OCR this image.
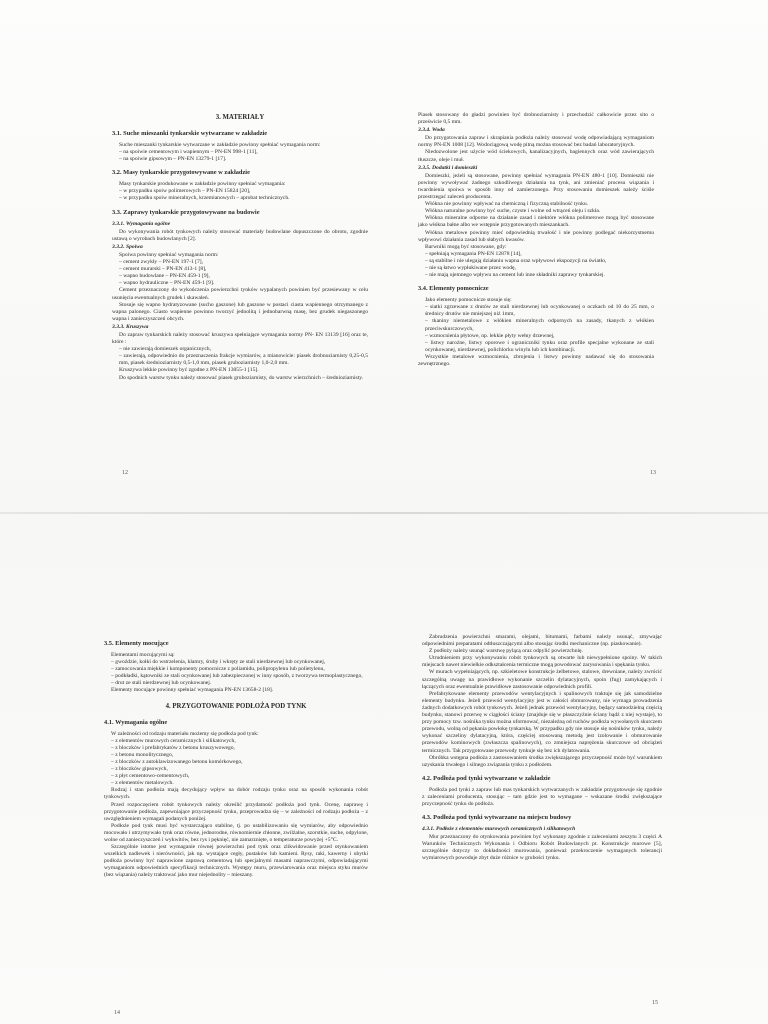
3. MATERIAŁY
3.1. Suche mieszanki tynkarskie wytwarzane w zakładzie

Suche mieszanki tynkarskie wytwarzane w zakładzie powinny spełniać wymagania norm:

– na spoiwie cementowym i wapiennym – PN-EN 998-1 [11],
– na spoiwie gipsowym – PN-EN 13279-1 [17].
3.2. Masy tynkarskie przygotowywane w zakładzie

Masy tynkarskie produkowane w zakładzie powinny spełniać wymagania:

– w przypadku spoiw polimerowych – PN-EN 15824 [20],
– w przypadku spoiw mineralnych, krzemianowych – aprobat technicznych.
3.3. Zaprawy tynkarskie przygotowywane na budowie
3.3.1. Wymagania ogólne

Do wykonywania robót tynkowych należy stosować materiały budowlane dopuszczone do obrotu, zgodnie ustawą o wyrobach budowlanych [2].

3.3.2. Spoiwa

Spoiwa powinny spełniać wymagania norm:

– cement zwykły – PN-EN 197-1 [7],
– cement murarski – PN-EN 413-1 [8],
– wapno budowlane – PN-EN 459-1 [9],
– wapno hydrauliczne – PN-EN 459-1 [9].

Cement przeznaczony do wykończenia powierzchni tynków wypalanych powinien być przesiewany w celu usunięcia ewentualnych grudek i skawaleń.

Stosuje się wapno hydratyzowane (sucho gaszone) lub gaszone w postaci ciasta wapiennego otrzymanego z wapna palonego. Ciasto wapienne powinno tworzyć jednolitą i jednobarwną masę, bez grudek niegaszonego wapna i zanieczyszczeń obcych.

3.3.3. Kruszywa

Do zapraw tynkarskich należy stosować kruszywa spełniające wymagania normy PN- EN 13139 [16] oraz te, które :

– nie zawierają domieszek organicznych,
– zawierają, odpowiednio do przeznaczenia frakcje wymiarów, a mianowicie: piasek drobnoziarnisty 0,25-0,5 mm, piasek średnioziarnisty 0,5-1,0 mm, piasek gruboziarnisty 1,0-2,0 mm.

Kruszywa lekkie powinny być zgodne z PN-EN 13055-1 [15].

Do spodnich warstw tynku należy stosować piasek gruboziarnisty, do warstw wierzchnich – średnioziarnisty.

12

Piasek stosowany do gładzi powinien być drobnoziarnisty i przechodzić całkowicie przez sito o prześwicie 0,5 mm.

3.3.4. Woda

Do przygotowania zapraw i skrapiania podłoża należy stosować wodę odpowiadającą wymaganiom normy PN-EN 1008 [12]. Wodociągową wodę pitną można stosować bez badań laboratoryjnych.

Niedozwolone jest użycie wód ściekowych, kanalizacyjnych, bagiennych oraz wód zawierających tłuszcze, oleje i muł.

3.3.5. Dodatki i domieszki

Domieszki, jeżeli są stosowane, powinny spełniać wymagania PN-EN 480-1 [10]. Domieszki nie powinny wywoływać żadnego szkodliwego działania na tynk, ani zmieniać procesu wiązania i twardnienia spoiwa w sposób inny od zamierzonego. Przy stosowaniu domieszek należy ściśle przestrzegać zaleceń producenta.

Włókna nie powinny wpływać na chemiczną i fizyczną stabilność tynku.

Włókna naturalne powinny być suche, czyste i wolne od wtrąceń oleju i szkła.

Włókna mineralne odporne na działanie zasad i niektóre włókna polimerowe mogą być stosowane jako włókna bałne albo we wstępnie przygotowanych mieszankach.

Włókna metalowe powinny mieć odpowiednią trwałość i nie powinny podlegać niekorzystnemu wpływowi działania zasad lub słabych kwasów.

Barwniki mogą być stosowane, gdy:

– spełniają wymagania PN-EN 12878 [14],
– są stabilne i nie ulegają działaniu wapna oraz wpływowi ekspozycji na światło,
– nie są łatwo wypłukiwane przez wodę,
– nie mają ujemnego wpływu na cement lub inne składniki zaprawy tynkarskiej.
3.4. Elementy pomocnicze

Jako elementy pomocnicze stosuje się:

– siatki zgrzewane z drutów ze stali nierdzewnej lub ocynkowanej o oczkach od 10 do 25 mm, o średnicy drutów nie mniejszej niż 1mm,
– tkaniny niemetalowe z włókien mineralnych odpornych na zasady, tkanych z włókien przeciwskurczowych,
– wzmocnienia płytowe, np. lekkie płyty wełny drzewnej,
– listwy narożne, listwy oporowe i ograniczniki tynku oraz profile specjalne wykonane ze stali ocynkowanej, nierdzewnej, polichlorku winylu lub ich kombinacji.

Wszystkie metalowe wzmocnienia, zbrojenia i listwy powinny nadawać się do stosowania zewnętrznego.

13
3.5. Elementy mocujące

Elementami mocującymi są:

– gwoździe, kołki do wstrzelenia, klamry, śruby i wkręty ze stali nierdzewnej lub ocynkowanej,
– zamocowania miękkie i komponenty pomocnicze z poliamidu, polipropylenu lub polietylenu,
– podkładki, kątowniki ze stali ocynkowanej lub zabezpieczonej w inny sposób, z tworzywa termoplastycznego,
– drut ze stali nierdzewnej lub ocynkowanej.

Elementy mocujące powinny spełniać wymagania PN-EN 13658-2 [18].

4. PRZYGOTOWANIE PODŁOŻA POD TYNK
4.1. Wymagania ogólne

W zależności od rodzaju materiału możemy się podłoża pod tynk:

– z elementów murowych ceramicznych i silikatowych,
– z bloczków i prefabrykatów z betonu kruszywowego,
– z betonu monolitycznego,
– z bloczków z autoklawizowanego betonu komórkowego,
– z bloczków gipsowych,
– z płyt cementowo-cementowych,
– z elementów metalowych.

Rodzaj i stan podłoża mają decydujący wpływ na dobór rodzaju tynku oraz na sposób wykonania robót tynkowych.

Przed rozpoczęciem robót tynkowych należy określić przydatność podłoża pod tynk. Ocenę, naprawę i przygotowanie podłoża, zapewniające przyczepność tynku, przeprowadza się – w zależności od rodzaju podłoża – z uwzględnieniem wymagań podanych poniżej.

Podłoże pod tynk musi być wystarczająco stabilne, tj. po ustabilizowaniu się wymiarów, aby odpowiednio mocowało i utrzymywało tynk oraz równe, jednorodne, równomiernie chłonne, zwilżalne, szorstkie, suche, odpylone, wolne od zanieczyszczeń i wykwitów, bez rys i pęknięć, nie zamarznięte, o temperaturze powyżej +5°C.

Szczególnie istotne jest wymaganie równej powierzchni pod tynk oraz zlikwidowanie przed otynkowaniem wszelkich nadlewek i nierówności, jak np. wystające cegły, pustaków lub kamieni. Rysy, raki, kawerny i ubytki podłoża powinny być naprawione zaprawą cementową lub specjalnymi masami naprawczymi, odpowiadającymi wymaganiom odpowiednich specyfikacji technicznych. Występy muru, przewiarowania oraz miejsca styku murów (bez wiązania) należy traktować jako mur niejednolity – mieszany.

14

Zabrudzenia powierzchni smarami, olejami, bitumami, farbami należy usunąć, zmywając odpowiednimi preparatami odtłuszczającymi albo stosując środki mechaniczne (np. piaskowanie).

Z podłoży należy usunąć warstwę pylącą oraz odpylić powierzchnię.

Utrudnieniem przy wykonywaniu robót tynkowych są otwarte lub niewypełnione spoiny. W takich miejscach nawet niewielkie odkształcenia termiczne mogą powodować zarysowania i spękania tynku.

W murach wypełniających, np. szkieletowe konstrukcje żelbetowe, stalowe, drewniane, należy zwrócić szczególną uwagę na prawidłowe wykonanie szczelin dylatacyjnych, spoin (fug) zamykających i łączących oraz ewentualnie prawidłowe zastosowanie odpowiednich profili.

Prefabrykowane elementy przewodów wentylacyjnych i spalinowych traktuje się jak samodzielne elementy budynku. Jeżeli przewód wentylacyjny jest w całości obmurowany, nie wymaga prowadzenia żadnych dodatkowych robót tynkowych. Jeżeli jednak przewód wentylacyjny, będący samodzielną częścią budynku, stanowi przerwę w ciągłości ściany (znajduje się w płaszczyźnie ściany bądź z niej wystaje), to przy pomocy tzw. nośnika tynku można uformować, niezależną od ruchów podłoża wywołanych skurczem przewodu, wolną od pękania powłokę tynkarską. W przypadku gdy nie stosuje się nośników tynku, należy wykonać szczeliny dylatacyjną, która, częściej stosowaną metodą jest izolowanie i obmurowanie przewodów kominowych (zwłaszcza spalinowych), co zmniejsza naprężenia skurczowe od obciążeń termicznych. Tak przygotowane przewody tynkuje się bez ich dylatowania.

Obróbka wstępna podłoża z zastosowaniem środka zwiększającego przyczepność może być warunkiem uzyskania trwałego i silnego związania tynku z podłożem.

4.2. Podłoża pod tynki wytwarzane w zakładzie

Podłoża pod tynki z zapraw lub mas tynkarskich wytwarzanych w zakładzie przygotowuje się zgodnie z zaleceniami producenta, stosując – tam gdzie jest to wymagane – wskazane środki zwiększające przyczepność tynku do podłoża.

4.3. Podłoża pod tynki wytwarzane na miejscu budowy
4.3.1. Podłoże z elementów murowych ceramicznych i silikatowych

Mur przeznaczony do otynkowania powinien być wykonany zgodnie z zaleceniami zeszytu 3 części A Warunków Technicznych Wykonania i Odbioru Robót Budowlanych pt. Konstrukcje murowe [5], szczególnie dotyczy to dokładności murowania, ponieważ przekroczenie wymaganych tolerancji wymiarowych powoduje zbyt duże różnice w grubości tynku.

15
